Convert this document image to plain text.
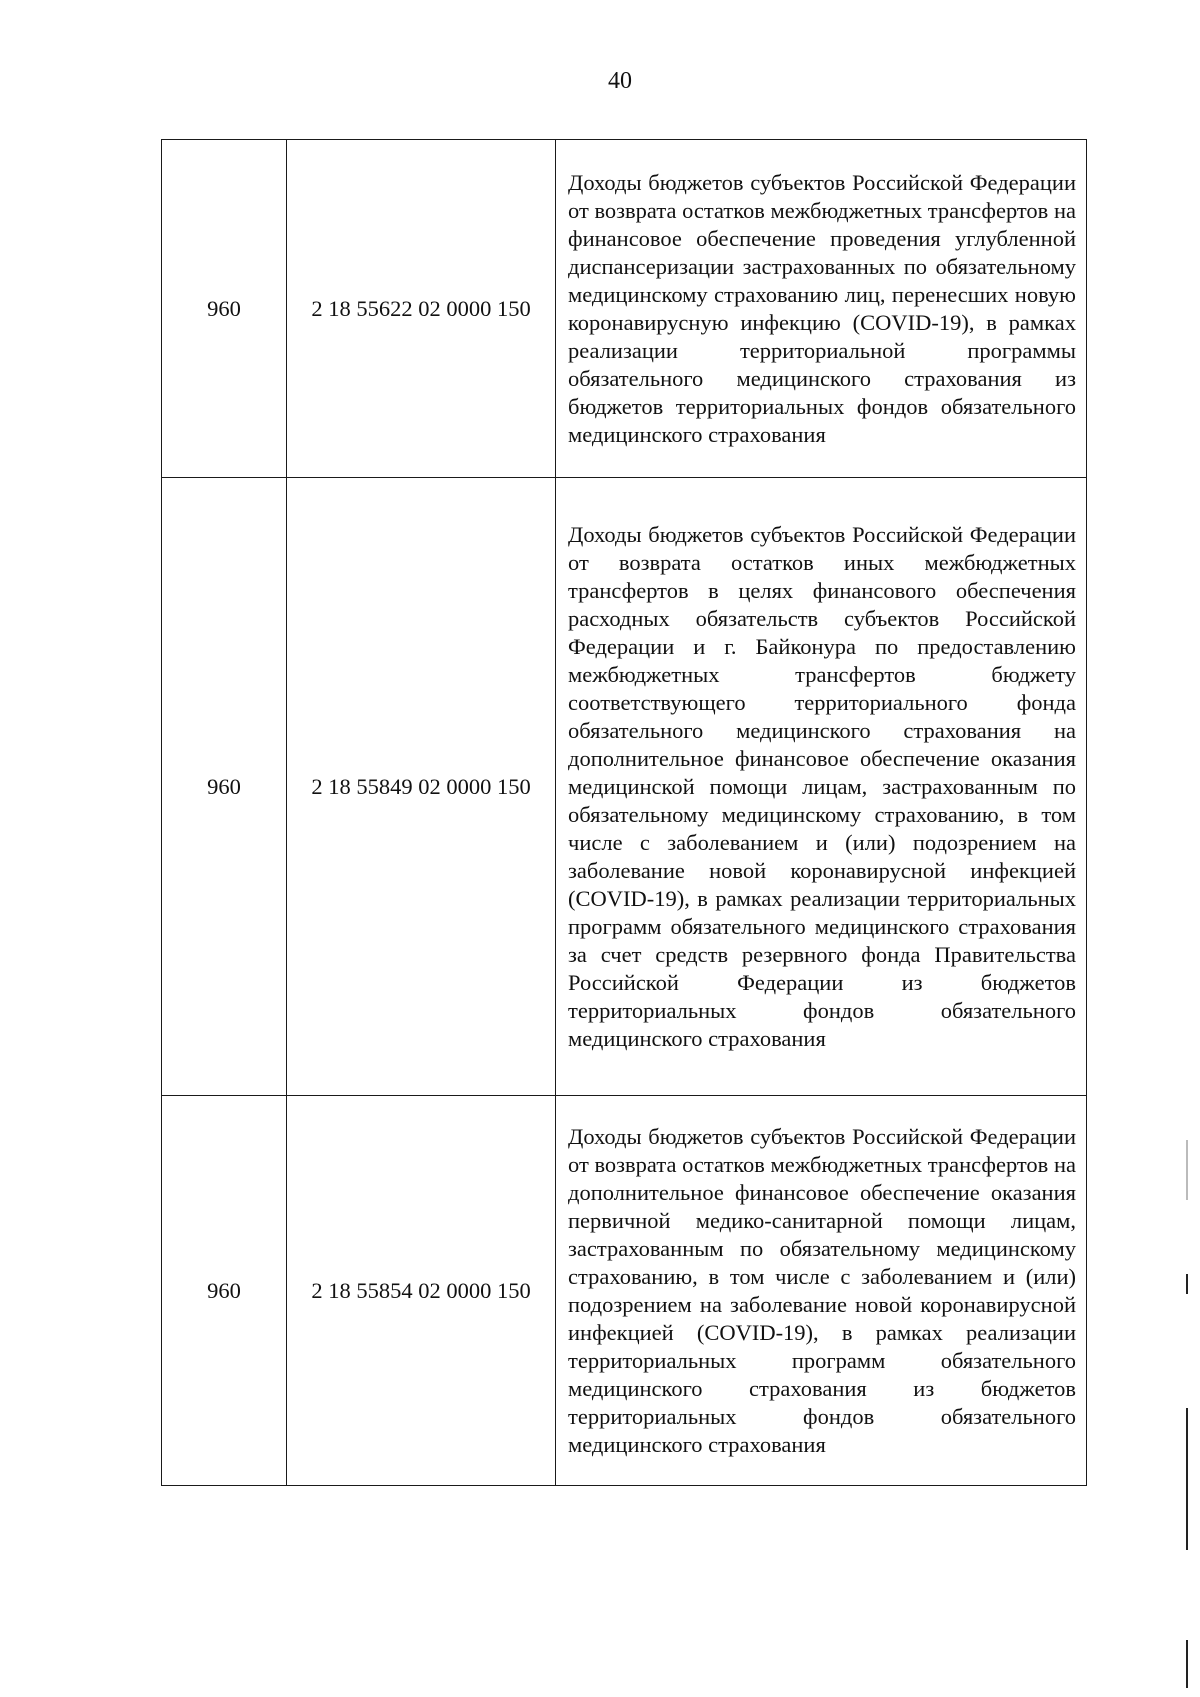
40
960	2 18 55622 02 0000 150	Доходы бюджетов субъектов Российской Федерации от возврата остатков межбюджетных трансфертов на финансовое обеспечение проведения углубленной диспансеризации застрахованных по обязательному медицинскому страхованию лиц, перенесших новую коронавирусную инфекцию (COVID-19), в рамках реализации территориальной программы обязательного медицинского страхования из бюджетов территориальных фондов обязательного медицинского страхования
960	2 18 55849 02 0000 150	Доходы бюджетов субъектов Российской Федерации от возврата остатков иных межбюджетных трансфертов в целях финансового обеспечения расходных обязательств субъектов Российской Федерации и г. Байконура по предоставлению межбюджетных трансфертов бюджету соответствующего территориального фонда обязательного медицинского страхования на дополнительное финансовое обеспечение оказания медицинской помощи лицам, застрахованным по обязательному медицинскому страхованию, в том числе с заболеванием и (или) подозрением на заболевание новой коронавирусной инфекцией (COVID-19), в рамках реализации территориальных программ обязательного медицинского страхования за счет средств резервного фонда Правительства Российской Федерации из бюджетов территориальных фондов обязательного медицинского страхования
960	2 18 55854 02 0000 150	Доходы бюджетов субъектов Российской Федерации от возврата остатков межбюджетных трансфертов на дополнительное финансовое обеспечение оказания первичной медико-санитарной помощи лицам, застрахованным по обязательному медицинскому страхованию, в том числе с заболеванием и (или) подозрением на заболевание новой коронавирусной инфекцией (COVID-19), в рамках реализации территориальных программ обязательного медицинского страхования из бюджетов территориальных фондов обязательного медицинского страхования
